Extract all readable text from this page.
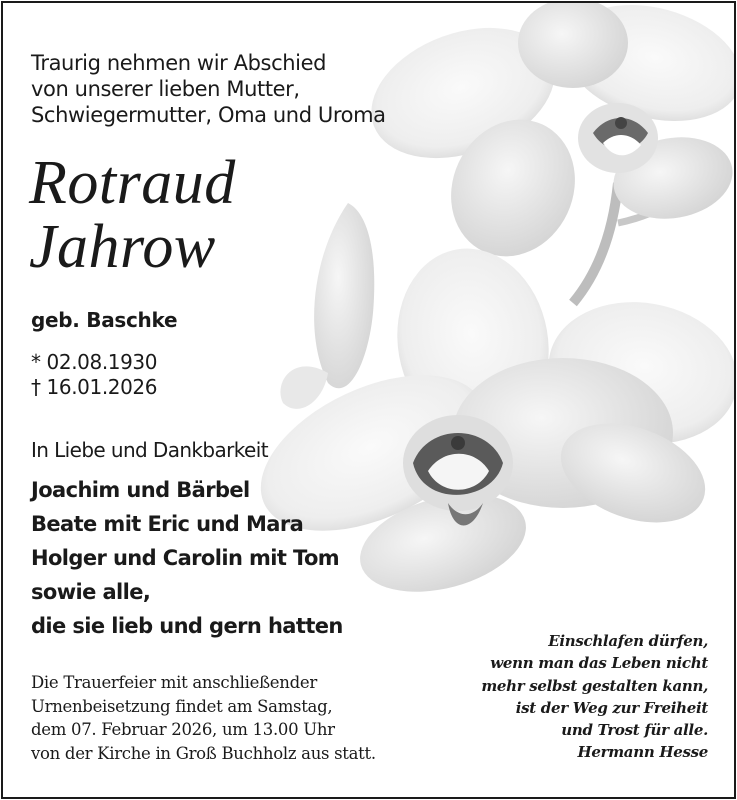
Traurig nehmen wir Abschied
von unserer lieben Mutter,
Schwiegermutter, Oma und Uroma
Rotraud
Jahrow
geb. Baschke
* 02.08.1930
† 16.01.2026
In Liebe und Dankbarkeit
Joachim und Bärbel
Beate mit Eric und Mara
Holger und Carolin mit Tom
sowie alle,
die sie lieb und gern hatten
Die Trauerfeier mit anschließender
Urnenbeisetzung findet am Samstag,
dem 07. Februar 2026, um 13.00 Uhr
von der Kirche in Groß Buchholz aus statt.
Einschlafen dürfen,
wenn man das Leben nicht
mehr selbst gestalten kann,
ist der Weg zur Freiheit
und Trost für alle.
Hermann Hesse
